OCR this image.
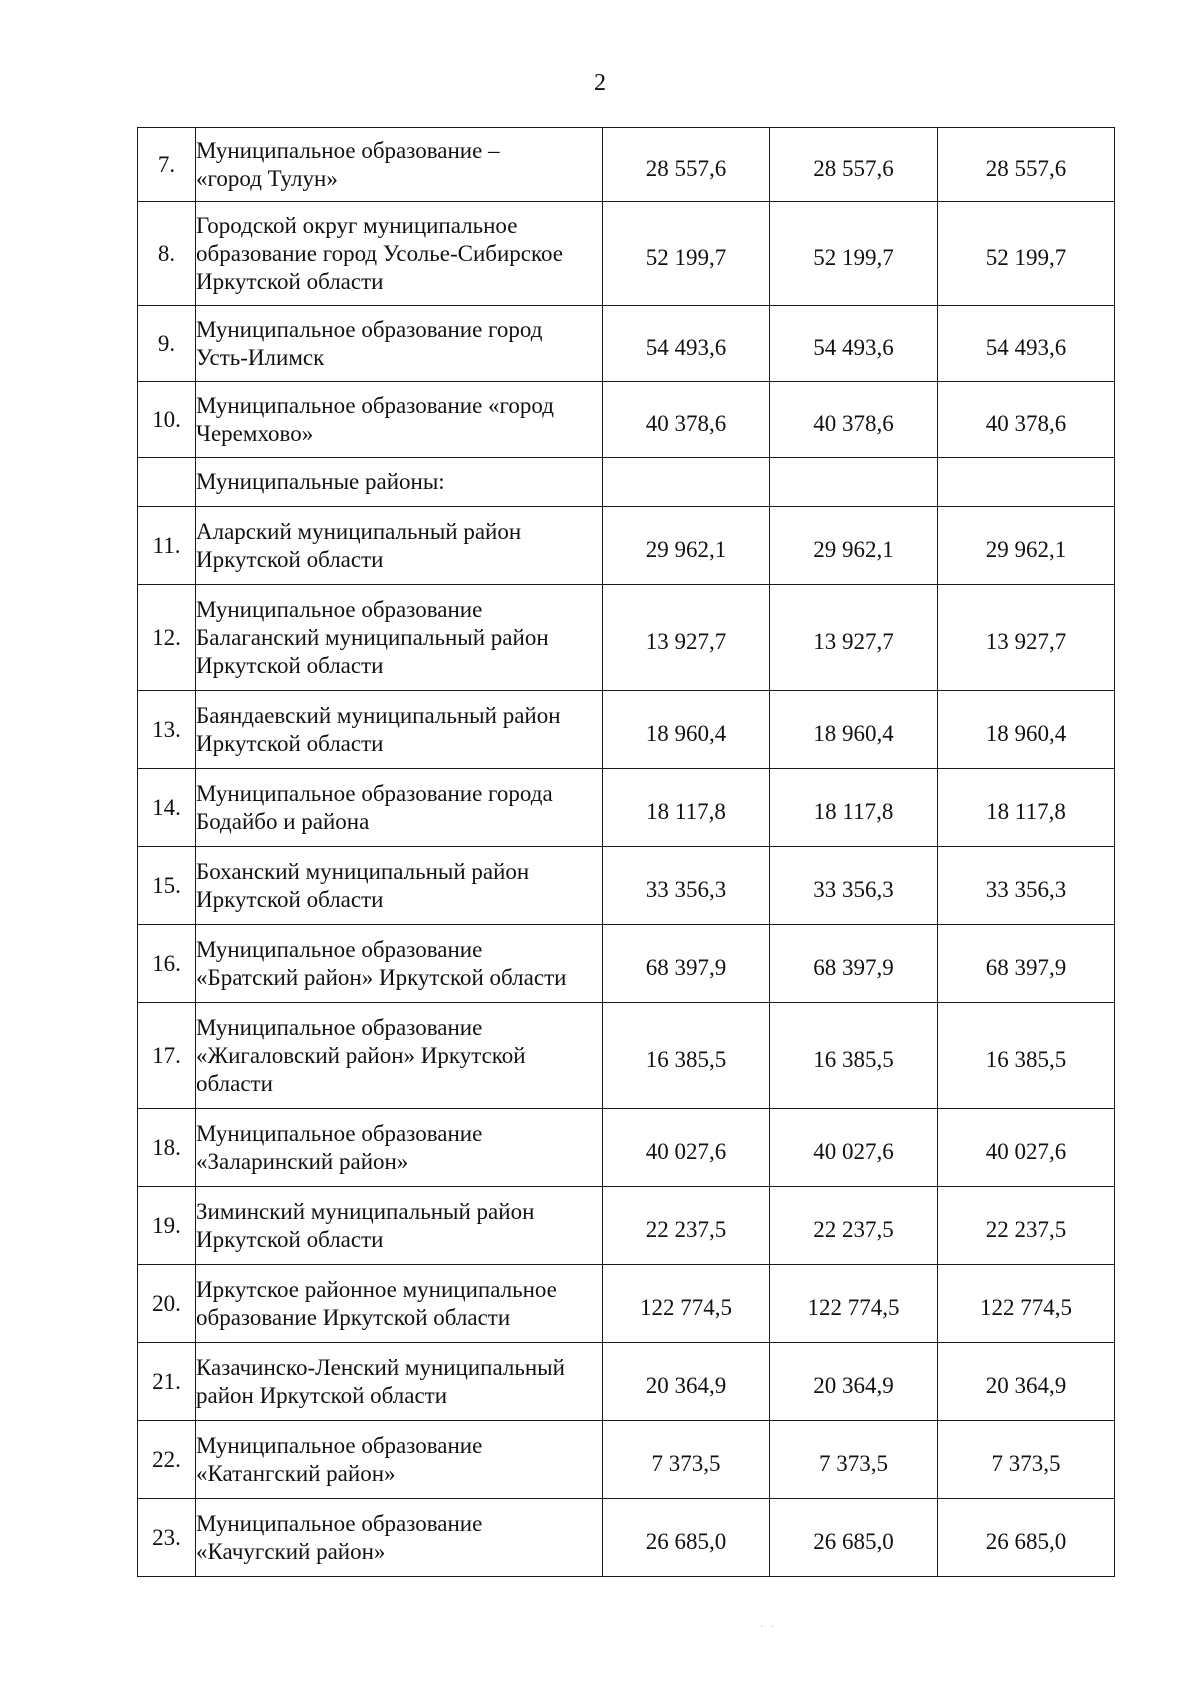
2
7.	Муниципальное образование –
«город Тулун»	28 557,6	28 557,6	28 557,6
8.	Городской округ муниципальное
образование город Усолье-Сибирское
Иркутской области	52 199,7	52 199,7	52 199,7
9.	Муниципальное образование город
Усть-Илимск	54 493,6	54 493,6	54 493,6
10.	Муниципальное образование «город
Черемхово»	40 378,6	40 378,6	40 378,6

	Муниципальные районы:			

11.	Аларский муниципальный район
Иркутской области	29 962,1	29 962,1	29 962,1
12.	Муниципальное образование
Балаганский муниципальный район
Иркутской области	13 927,7	13 927,7	13 927,7
13.	Баяндаевский муниципальный район
Иркутской области	18 960,4	18 960,4	18 960,4
14.	Муниципальное образование города
Бодайбо и района	18 117,8	18 117,8	18 117,8
15.	Боханский муниципальный район
Иркутской области	33 356,3	33 356,3	33 356,3
16.	Муниципальное образование
«Братский район» Иркутской области	68 397,9	68 397,9	68 397,9
17.	Муниципальное образование
«Жигаловский район» Иркутской
области	16 385,5	16 385,5	16 385,5
18.	Муниципальное образование
«Заларинский район»	40 027,6	40 027,6	40 027,6
19.	Зиминский муниципальный район
Иркутской области	22 237,5	22 237,5	22 237,5
20.	Иркутское районное муниципальное
образование Иркутской области	122 774,5	122 774,5	122 774,5
21.	Казачинско-Ленский муниципальный
район Иркутской области	20 364,9	20 364,9	20 364,9
22.	Муниципальное образование
«Катангский район»	7 373,5	7 373,5	7 373,5
23.	Муниципальное образование
«Качугский район»	26 685,0	26 685,0	26 685,0
·   ·
